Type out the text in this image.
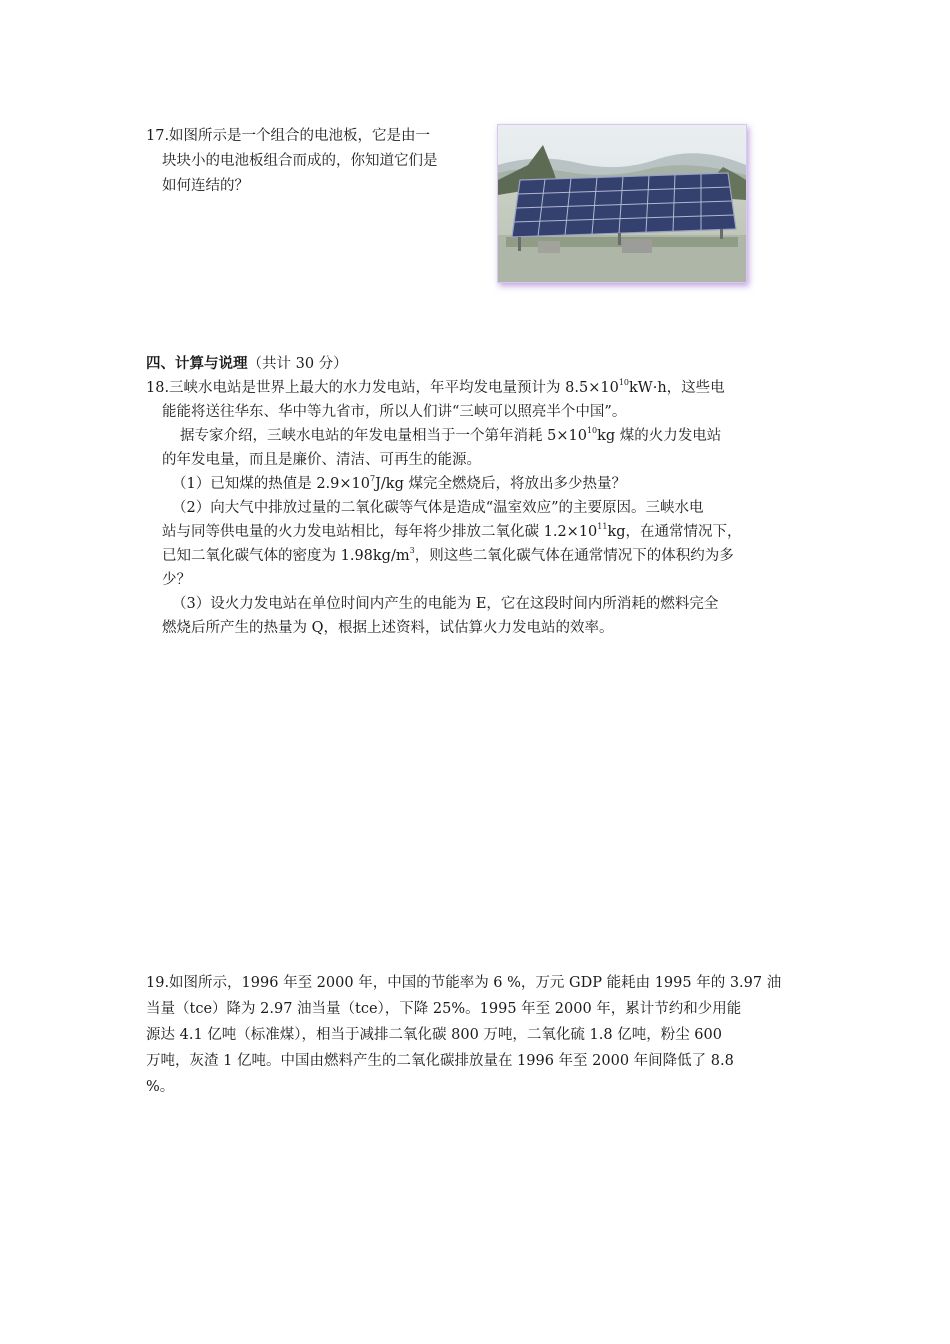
17.如图所示是一个组合的电池板，它是由一
块块小的电池板组合而成的，你知道它们是
如何连结的？
四、计算与说理（共计 30 分）
18.三峡水电站是世界上最大的水力发电站，年平均发电量预计为 $8.5\times 10^{10}kW\cdot h$，这些电
能能将送往华东、华中等九省市，所以人们讲“三峡可以照亮半个中国”。
据专家介绍，三峡水电站的年发电量相当于一个第年消耗 $5\times 10^{10}kg$ 煤的火力发电站
的年发电量，而且是廉价、清洁、可再生的能源。
（1）已知煤的热值是 $2.9\times 10^7J/kg$ 煤完全燃烧后，将放出多少热量？
（2）向大气中排放过量的二氧化碳等气体是造成“温室效应”的主要原因。三峡水电
站与同等供电量的火力发电站相比，每年将少排放二氧化碳 $1.2\times 10^{11}kg$，在通常情况下，
已知二氧化碳气体的密度为 $1.98kg/m^3$，则这些二氧化碳气体在通常情况下的体积约为多
少？
（3）设火力发电站在单位时间内产生的电能为 E，它在这段时间内所消耗的燃料完全
燃烧后所产生的热量为 Q，根据上述资料，试估算火力发电站的效率。
19.如图所示，1996 年至 2000 年，中国的节能率为 6 %，万元 GDP 能耗由 1995 年的 3.97 油
当量（tce）降为 2.97 油当量（tce），下降 25%。1995 年至 2000 年，累计节约和少用能
源达 4.1 亿吨（标准煤），相当于减排二氧化碳 800 万吨，二氧化硫 1.8 亿吨，粉尘 600
万吨，灰渣 1 亿吨。中国由燃料产生的二氧化碳排放量在 1996 年至 2000 年间降低了 8.8
%。
